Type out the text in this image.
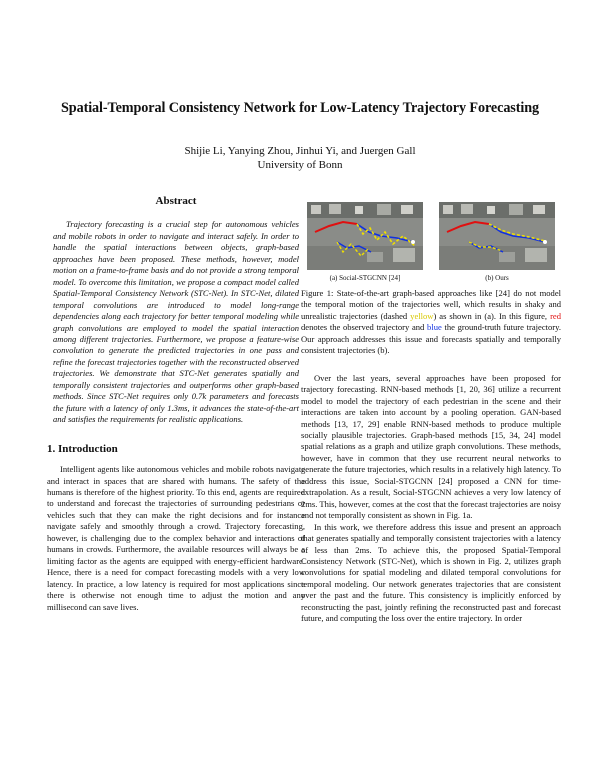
Spatial-Temporal Consistency Network for Low-Latency Trajectory Forecasting
Shijie Li, Yanying Zhou, Jinhui Yi, and Juergen Gall
University of Bonn
Abstract

Trajectory forecasting is a crucial step for autonomous vehicles and mobile robots in order to navigate and interact safely. In order to handle the spatial interactions between objects, graph-based approaches have been proposed. These methods, however, model motion on a frame-to-frame basis and do not provide a strong temporal model. To overcome this limitation, we propose a compact model called Spatial-Temporal Consistency Network (STC-Net). In STC-Net, dilated temporal convolutions are introduced to model long-range dependencies along each trajectory for better temporal modeling while graph convolutions are employed to model the spatial interaction among different trajectories. Furthermore, we propose a feature-wise convolution to generate the predicted trajectories in one pass and refine the forecast trajectories together with the reconstructed observed trajectories. We demonstrate that STC-Net generates spatially and temporally consistent trajectories and outperforms other graph-based methods. Since STC-Net requires only 0.7k parameters and forecasts the future with a latency of only 1.3ms, it advances the state-of-the-art and satisfies the requirements for realistic applications.

1. Introduction

Intelligent agents like autonomous vehicles and mobile robots navigate and interact in spaces that are shared with humans. The safety of the humans is therefore of the highest priority. To this end, agents are required to understand and forecast the trajectories of surrounding pedestrians or vehicles such that they can make the right decisions and for instance navigate safely and smoothly through a crowd. Trajectory forecasting, however, is challenging due to the complex behavior and interactions of humans in crowds. Furthermore, the available resources will always be a limiting factor as the agents are equipped with energy-efficient hardware. Hence, there is a need for compact forecasting models with a very low latency. In practice, a low latency is required for most applications since there is otherwise not enough time to adjust the motion and any millisecond can save lives.

(a) Social-STGCNN [24]	(b) Ours

Figure 1: State-of-the-art graph-based approaches like [24] do not model the temporal motion of the trajectories well, which results in shaky and unrealistic trajectories (dashed yellow) as shown in (a). In this figure, red denotes the observed trajectory and blue the ground-truth future trajectory. Our approach addresses this issue and forecasts spatially and temporally consistent trajectories (b).

Over the last years, several approaches have been proposed for trajectory forecasting. RNN-based methods [1, 20, 36] utilize a recurrent model to model the trajectory of each pedestrian in the scene and their interactions are taken into account by a pooling operation. GAN-based methods [13, 17, 29] enable RNN-based methods to produce multiple socially plausible trajectories. Graph-based methods [15, 34, 24] model spatial relations as a graph and utilize graph convolutions. These methods, however, have in common that they use recurrent neural networks to generate the future trajectories, which results in a relatively high latency. To address this issue, Social-STGCNN [24] proposed a CNN for time-extrapolation. As a result, Social-STGCNN achieves a very low latency of 2ms. This, however, comes at the cost that the forecast trajectories are noisy and not temporally consistent as shown in Fig. 1a.

In this work, we therefore address this issue and present an approach that generates spatially and temporally consistent trajectories with a latency of less than 2ms. To achieve this, the proposed Spatial-Temporal Consistency Network (STC-Net), which is shown in Fig. 2, utilizes graph convolutions for spatial modeling and dilated temporal convolutions for temporal modeling. Our network generates trajectories that are consistent over the past and the future. This consistency is implicitly enforced by reconstructing the past, jointly refining the reconstructed past and forecast future, and computing the loss over the entire trajectory. In order
